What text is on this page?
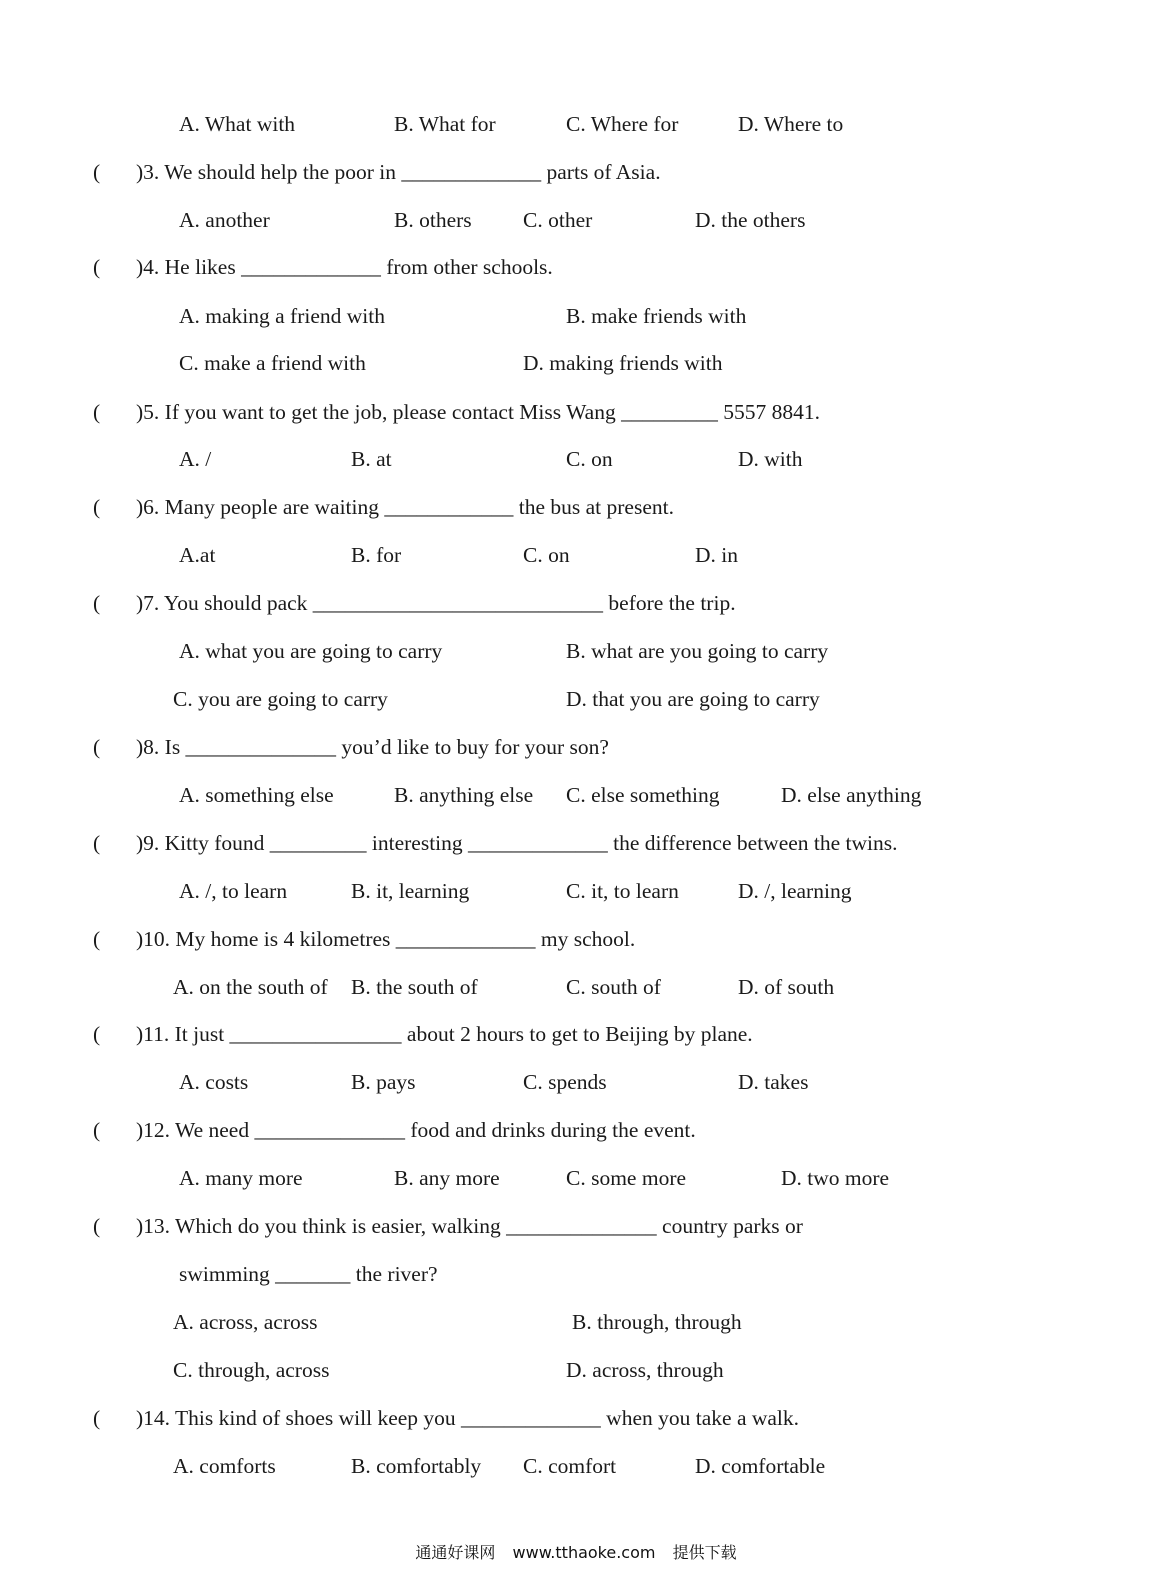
A. What with	B. What for	C. Where for	D. Where to
( )3. We should help the poor in _____________ parts of Asia.
A. another	B. others C. other	D. the others
( )4. He likes _____________ from other schools.
A. making a friend with	B. make friends with
C. make a friend with	D. making friends with
( )5. If you want to get the job, please contact Miss Wang _________ 5557 8841.
A. /	B. at	C. on	D. with
( )6. Many people are waiting ____________ the bus at present.
A.at	B. for	C. on	D. in
( )7. You should pack ___________________________ before the trip.
A. what you are going to carry	B. what are you going to carry
C. you are going to carry	D. that you are going to carry
( )8. Is ______________ you’d like to buy for your son?
A. something else	B. anything else C. else something	D. else anything
( )9. Kitty found _________ interesting _____________ the difference between the twins.
A. /, to learn	B. it, learning	C. it, to learn	D. /, learning
( )10. My home is 4 kilometres _____________ my school.
A. on the south of B. the south of	C. south of	D. of south
( )11. It just ________________ about 2 hours to get to Beijing by plane.
A. costs	B. pays	C. spends	D. takes
( )12. We need ______________ food and drinks during the event.
A. many more	B. any more	C. some more	D. two more
( )13. Which do you think is easier, walking ______________ country parks or
swimming _______ the river?
A. across, across	B. through, through
C. through, across	D. across, through
( )14. This kind of shoes will keep you _____________ when you take a walk.
A. comforts	B. comfortably C. comfort	D. comfortable
通通好课网 www.tthaoke.com 提供下载
